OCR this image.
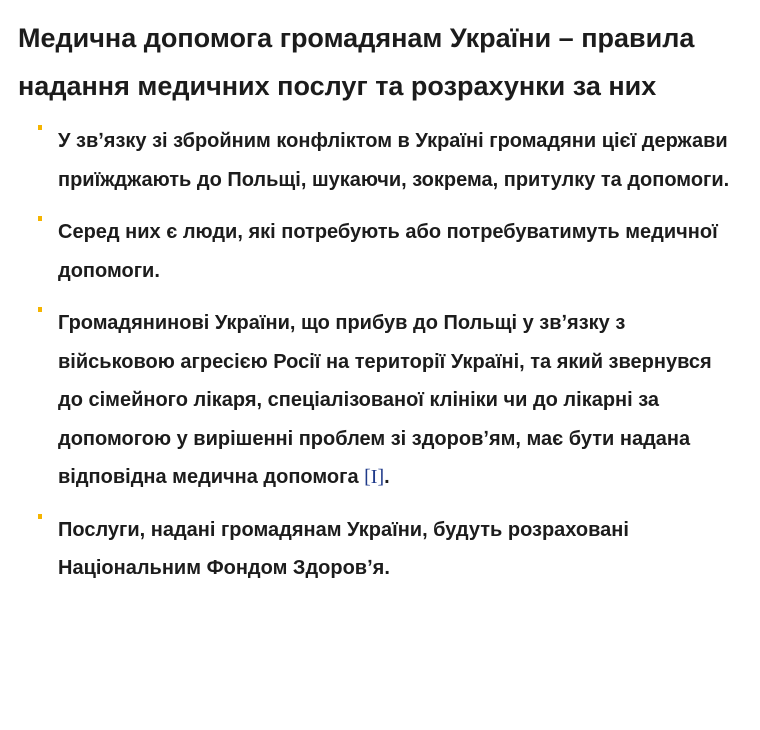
Медична допомога громадянам України – правила надання медичних послуг та розрахунки за них
У звʼязку зі збройним конфліктом в Україні громадяни цієї держави приїжджають до Польщі, шукаючи, зокрема, притулку та допомоги.
Серед них є люди, які потребують або потребуватимуть медичної допомоги.
Громадянинові України, що прибув до Польщі у звʼязку з військовою агресією Росії на території Україні, та який звернувся до сімейного лікаря, спеціалізованої клініки чи до лікарні за допомогою у вирішенні проблем зі здоровʼям, має бути надана відповідна медична допомога [I].
Послуги, надані громадянам України, будуть розраховані Національним Фондом Здоровʼя.
